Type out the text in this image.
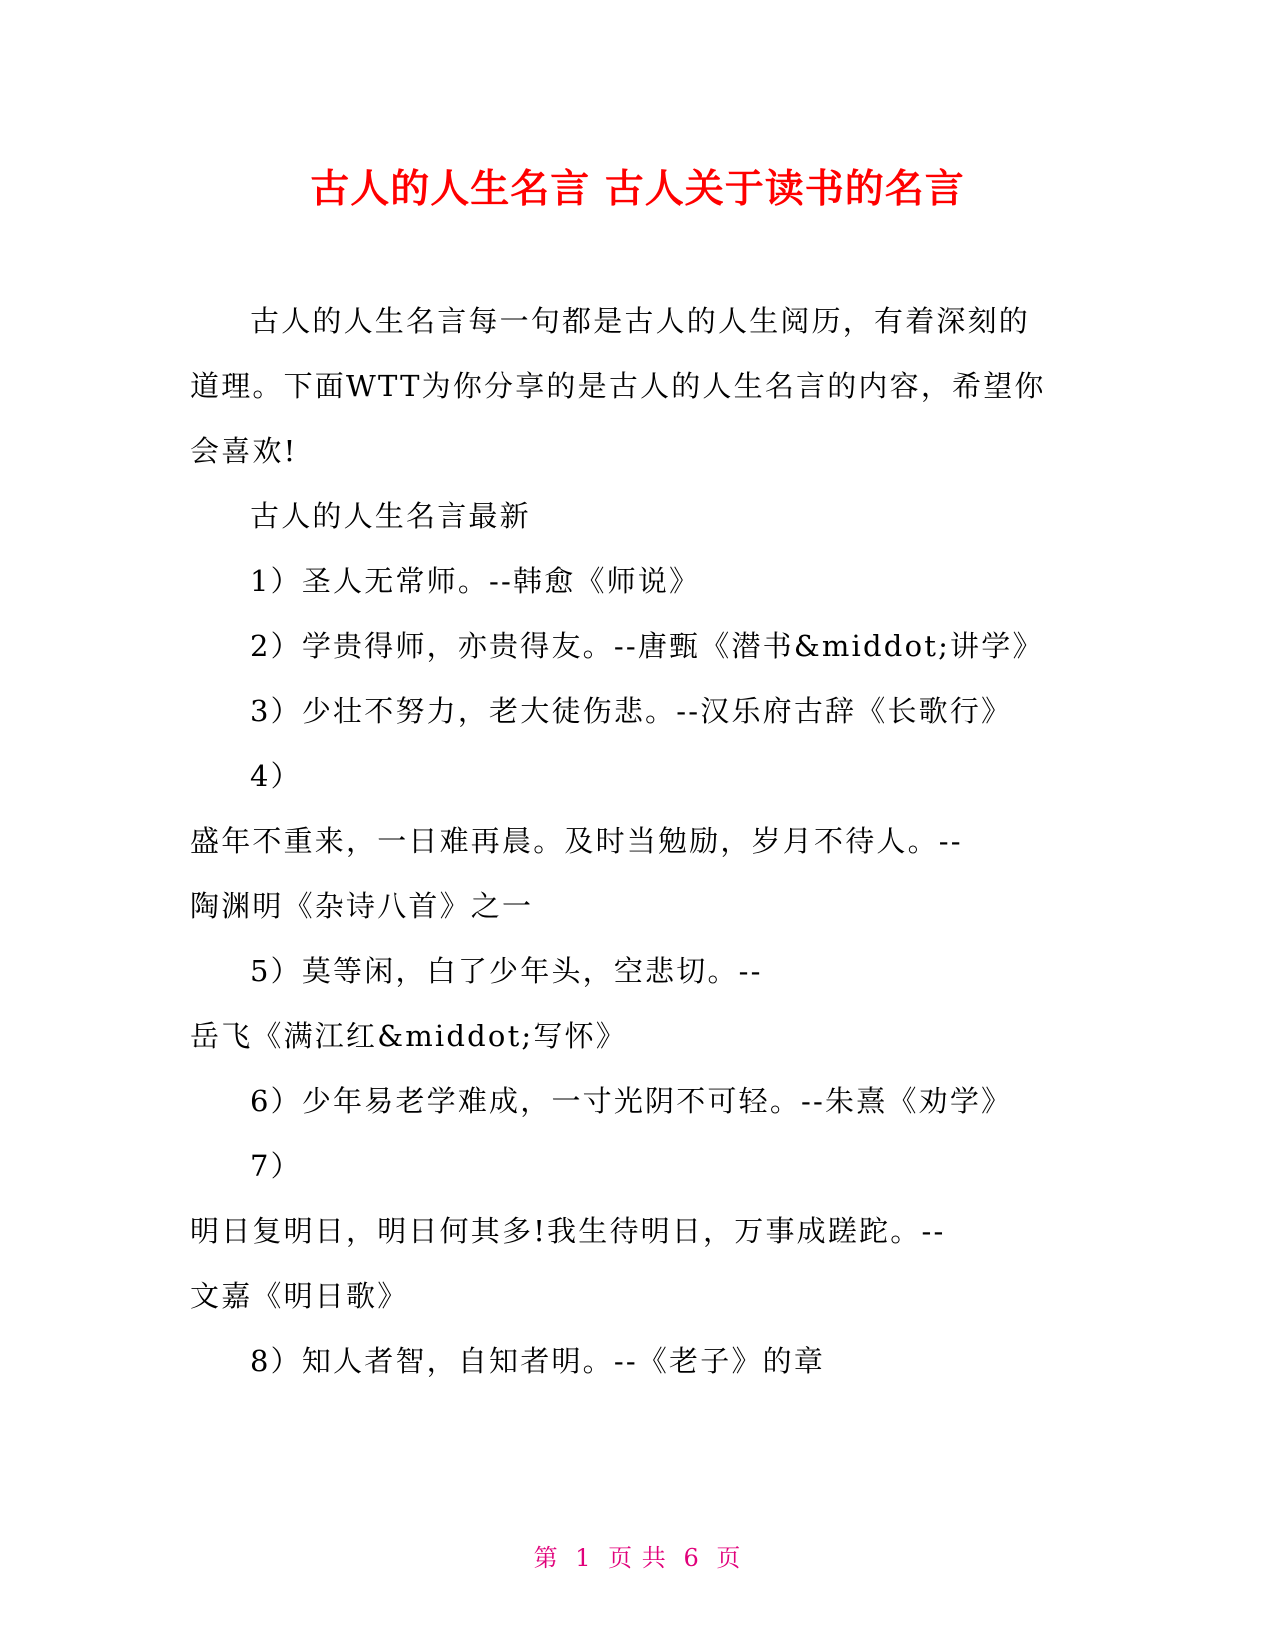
古人的人生名言 古人关于读书的名言

古人的人生名言每一句都是古人的人生阅历，有着深刻的

道理。下面WTT为你分享的是古人的人生名言的内容，希望你

会喜欢!

古人的人生名言最新

1）圣人无常师。--韩愈《师说》

2）学贵得师，亦贵得友。--唐甄《潜书&middot;讲学》

3）少壮不努力，老大徒伤悲。--汉乐府古辞《长歌行》

4）

盛年不重来，一日难再晨。及时当勉励，岁月不待人。--

陶渊明《杂诗八首》之一

5）莫等闲，白了少年头，空悲切。--

岳飞《满江红&middot;写怀》

6）少年易老学难成，一寸光阴不可轻。--朱熹《劝学》

7）

明日复明日，明日何其多!我生待明日，万事成蹉跎。--

文嘉《明日歌》

8）知人者智，自知者明。--《老子》的章

第 1 页 共 6 页
